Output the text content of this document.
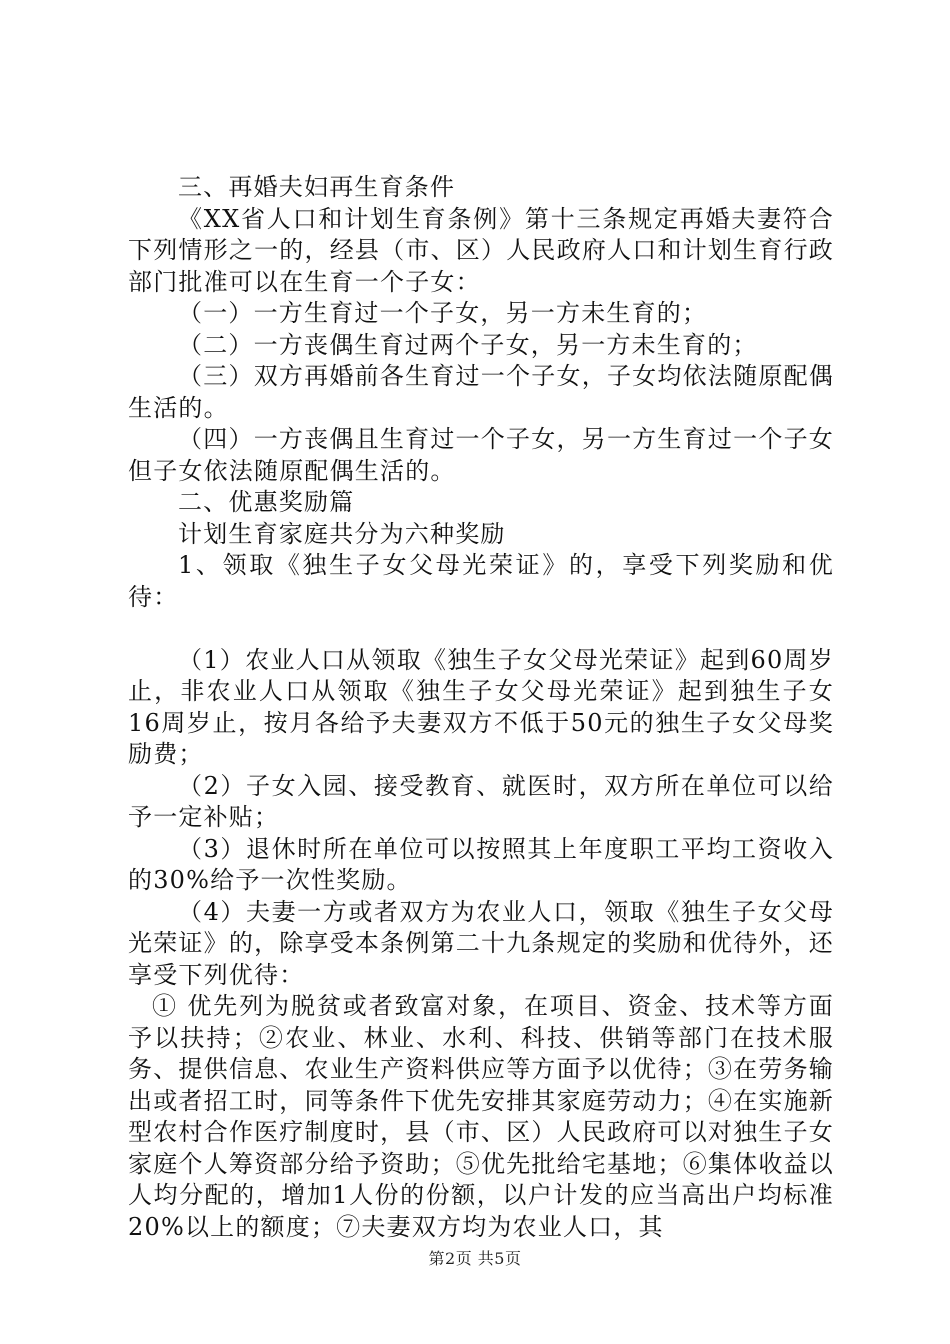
三、再婚夫妇再生育条件

《XX省人口和计划生育条例》第十三条规定再婚夫妻符合下列情形之一的，经县（市、区）人民政府人口和计划生育行政部门批准可以在生育一个子女：

（一）一方生育过一个子女，另一方未生育的；

（二）一方丧偶生育过两个子女，另一方未生育的；

（三）双方再婚前各生育过一个子女，子女均依法随原配偶生活的。

（四）一方丧偶且生育过一个子女，另一方生育过一个子女但子女依法随原配偶生活的。

二、优惠奖励篇

计划生育家庭共分为六种奖励

1、领取《独生子女父母光荣证》的，享受下列奖励和优待：

（1）农业人口从领取《独生子女父母光荣证》起到60周岁止，非农业人口从领取《独生子女父母光荣证》起到独生子女16周岁止，按月各给予夫妻双方不低于50元的独生子女父母奖励费；

（2）子女入园、接受教育、就医时，双方所在单位可以给予一定补贴；

（3）退休时所在单位可以按照其上年度职工平均工资收入的30%给予一次性奖励。

（4）夫妻一方或者双方为农业人口，领取《独生子女父母光荣证》的，除享受本条例第二十九条规定的奖励和优待外，还享受下列优待：

① 优先列为脱贫或者致富对象，在项目、资金、技术等方面予以扶持；②农业、林业、水利、科技、供销等部门在技术服务、提供信息、农业生产资料供应等方面予以优待；③在劳务输出或者招工时，同等条件下优先安排其家庭劳动力；④在实施新型农村合作医疗制度时，县（市、区）人民政府可以对独生子女家庭个人筹资部分给予资助；⑤优先批给宅基地；⑥集体收益以人均分配的，增加1人份的份额，以户计发的应当高出户均标准20%以上的额度；⑦夫妻双方均为农业人口，其

第2页 共5页
